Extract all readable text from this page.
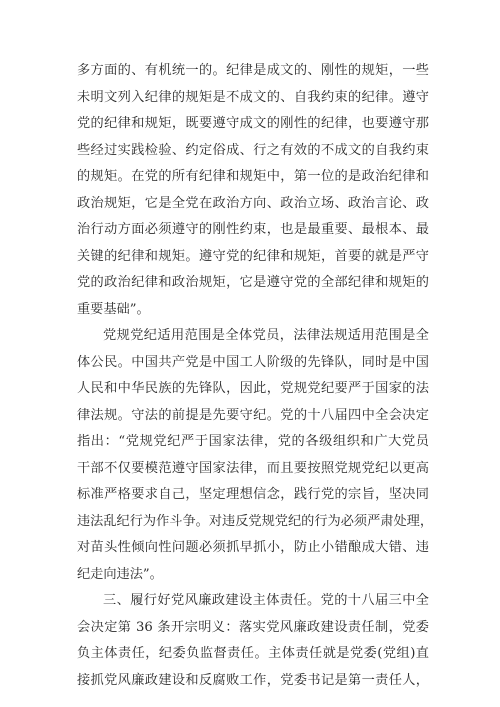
多方面的、有机统一的。纪律是成文的、刚性的规矩，一些
未明文列入纪律的规矩是不成文的、自我约束的纪律。遵守
党的纪律和规矩，既要遵守成文的刚性的纪律，也要遵守那
些经过实践检验、约定俗成、行之有效的不成文的自我约束
的规矩。在党的所有纪律和规矩中，第一位的是政治纪律和
政治规矩，它是全党在政治方向、政治立场、政治言论、政
治行动方面必须遵守的刚性约束，也是最重要、最根本、最
关键的纪律和规矩。遵守党的纪律和规矩，首要的就是严守
党的政治纪律和政治规矩，它是遵守党的全部纪律和规矩的
重要基础”。
党规党纪适用范围是全体党员，法律法规适用范围是全
体公民。中国共产党是中国工人阶级的先锋队，同时是中国
人民和中华民族的先锋队，因此，党规党纪要严于国家的法
律法规。守法的前提是先要守纪。党的十八届四中全会决定
指出：“党规党纪严于国家法律，党的各级组织和广大党员
干部不仅要模范遵守国家法律，而且要按照党规党纪以更高
标准严格要求自己，坚定理想信念，践行党的宗旨，坚决同
违法乱纪行为作斗争。对违反党规党纪的行为必须严肃处理，
对苗头性倾向性问题必须抓早抓小，防止小错酿成大错、违
纪走向违法”。
三、履行好党风廉政建设主体责任。党的十八届三中全
会决定第 36 条开宗明义：落实党风廉政建设责任制，党委
负主体责任，纪委负监督责任。主体责任就是党委(党组)直
接抓党风廉政建设和反腐败工作，党委书记是第一责任人，
